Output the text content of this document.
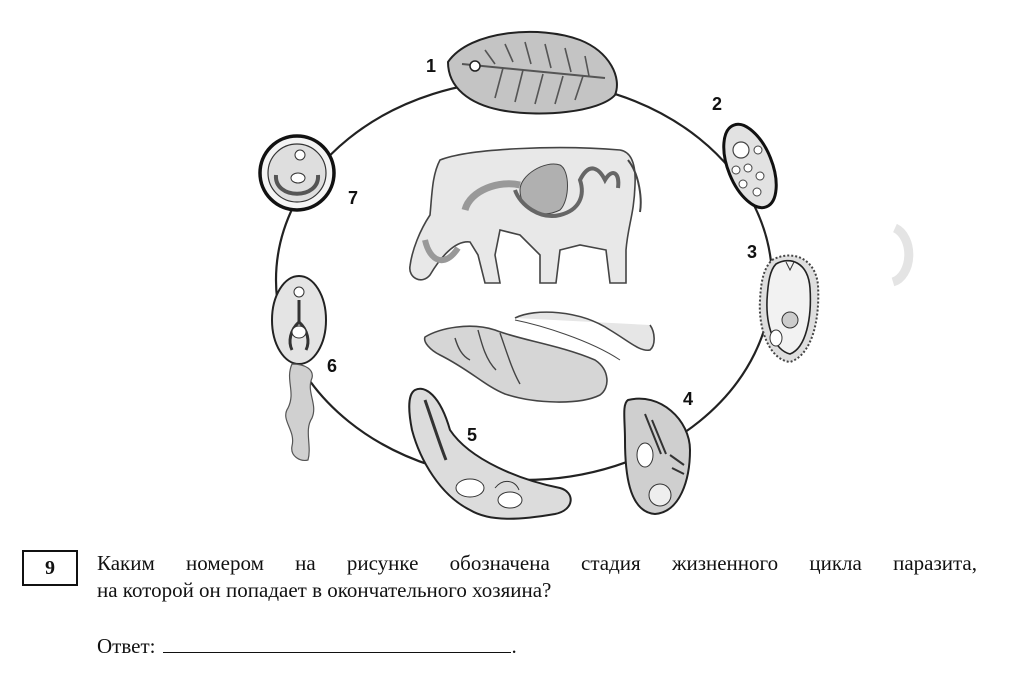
1
2
3
4
5
6
7
9 Каким номером на рисунке обозначена стадия жизненного цикла паразита,
на которой он попадает в окончательного хозяина?
Ответ:	.
